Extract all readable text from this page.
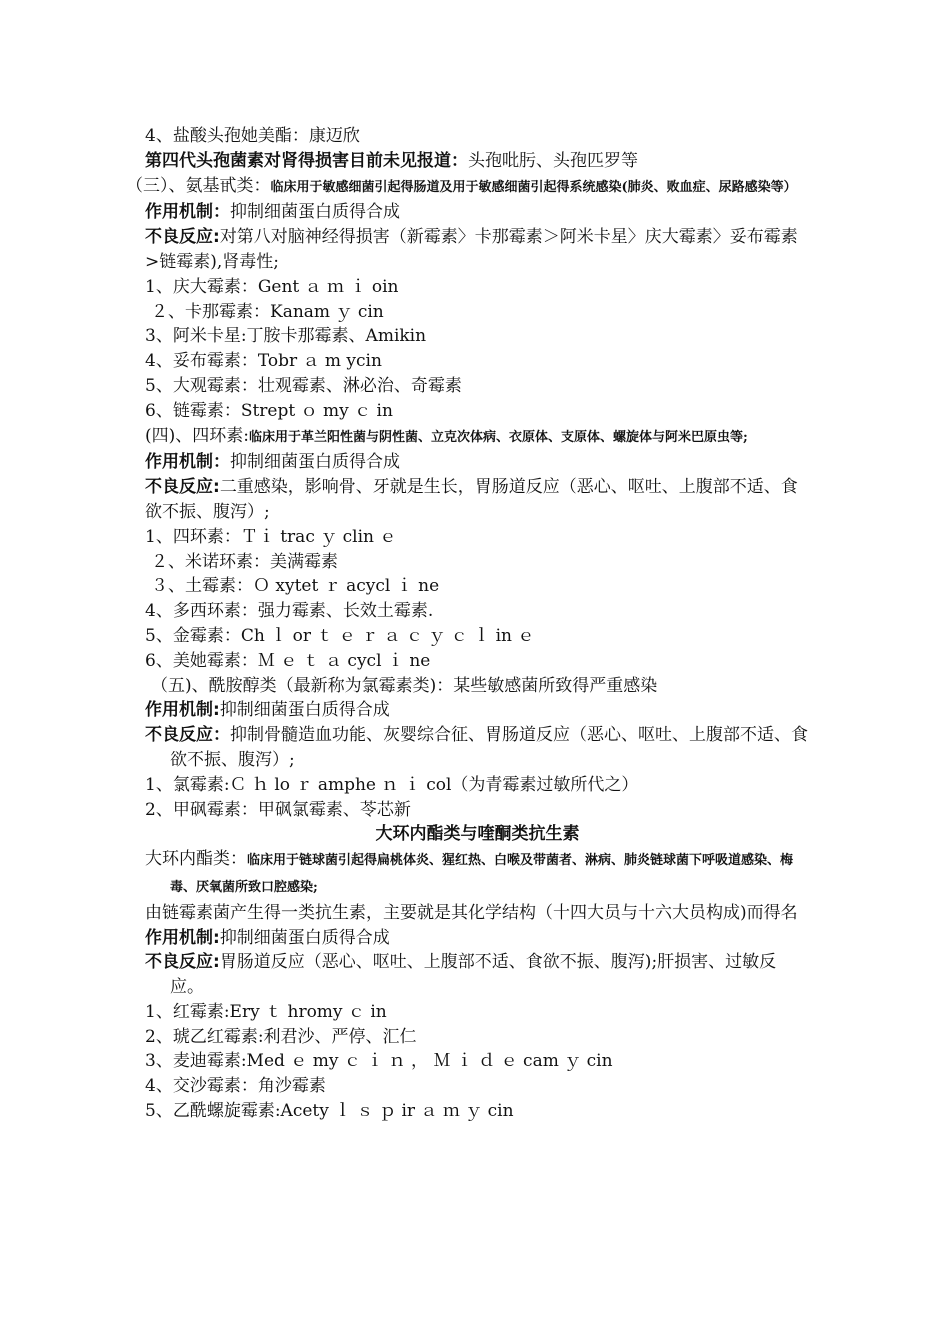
4、盐酸头孢她美酯：康迈欣
第四代头孢菌素对肾得损害目前未见报道：头孢吡肟、头孢匹罗等
（三）、氨基甙类：临床用于敏感细菌引起得肠道及用于敏感细菌引起得系统感染(肺炎、败血症、尿路感染等）
作用机制：抑制细菌蛋白质得合成
不良反应:对第八对脑神经得损害（新霉素〉卡那霉素＞阿米卡星〉庆大霉素〉妥布霉素>链霉素),肾毒性;
1、庆大霉素：Gent ａ ｍ ｉ oin
２、卡那霉素：Kanam ｙ cin
3、阿米卡星:丁胺卡那霉素、Amikin
4、妥布霉素：Tobr ａ m ycin
5、大观霉素：壮观霉素、淋必治、奇霉素
6、链霉素：Strept ｏ my ｃ in
(四)、四环素:临床用于革兰阳性菌与阴性菌、立克次体病、衣原体、支原体、螺旋体与阿米巴原虫等;
作用机制：抑制细菌蛋白质得合成
不良反应:二重感染，影响骨、牙就是生长，胃肠道反应（恶心、呕吐、上腹部不适、食欲不振、腹泻）;
1、四环素：Ｔｉ trac ｙ clin ｅ
２、米诺环素：美满霉素
３、土霉素：Ｏ xytet ｒ acycl ｉ ne
4、多西环素：强力霉素、长效土霉素.
5、金霉素：Ch ｌ or ｔ ｅ ｒ ａ ｃ ｙ ｃ ｌ in ｅ
6、美她霉素：Ｍ ｅ ｔ ａ cycl ｉ ne
（五)、酰胺醇类（最新称为氯霉素类)：某些敏感菌所致得严重感染
作用机制:抑制细菌蛋白质得合成
不良反应：抑制骨髓造血功能、灰婴综合征、胃肠道反应（恶心、呕吐、上腹部不适、食欲不振、腹泻）;
1、氯霉素:Ｃ ｈ lo ｒ amphe ｎ ｉ col（为青霉素过敏所代之）
2、甲砜霉素：甲砜氯霉素、苓芯新
大环内酯类与喹酮类抗生素
大环内酯类：临床用于链球菌引起得扁桃体炎、猩红热、白喉及带菌者、淋病、肺炎链球菌下呼吸道感染、梅毒、厌氧菌所致口腔感染;
由链霉素菌产生得一类抗生素，主要就是其化学结构（十四大员与十六大员构成)而得名
作用机制:抑制细菌蛋白质得合成
不良反应:胃肠道反应（恶心、呕吐、上腹部不适、食欲不振、腹泻);肝损害、过敏反应。
1、红霉素:Ery ｔ hromy ｃ in
2、琥乙红霉素:利君沙、严停、汇仁
3、麦迪霉素:Med ｅ my ｃ ｉ ｎ ， Ｍ ｉ ｄ ｅ cam ｙ cin
4、交沙霉素：角沙霉素
5、乙酰螺旋霉素:Acety ｌ ｓ ｐ ir ａ ｍ ｙ cin
